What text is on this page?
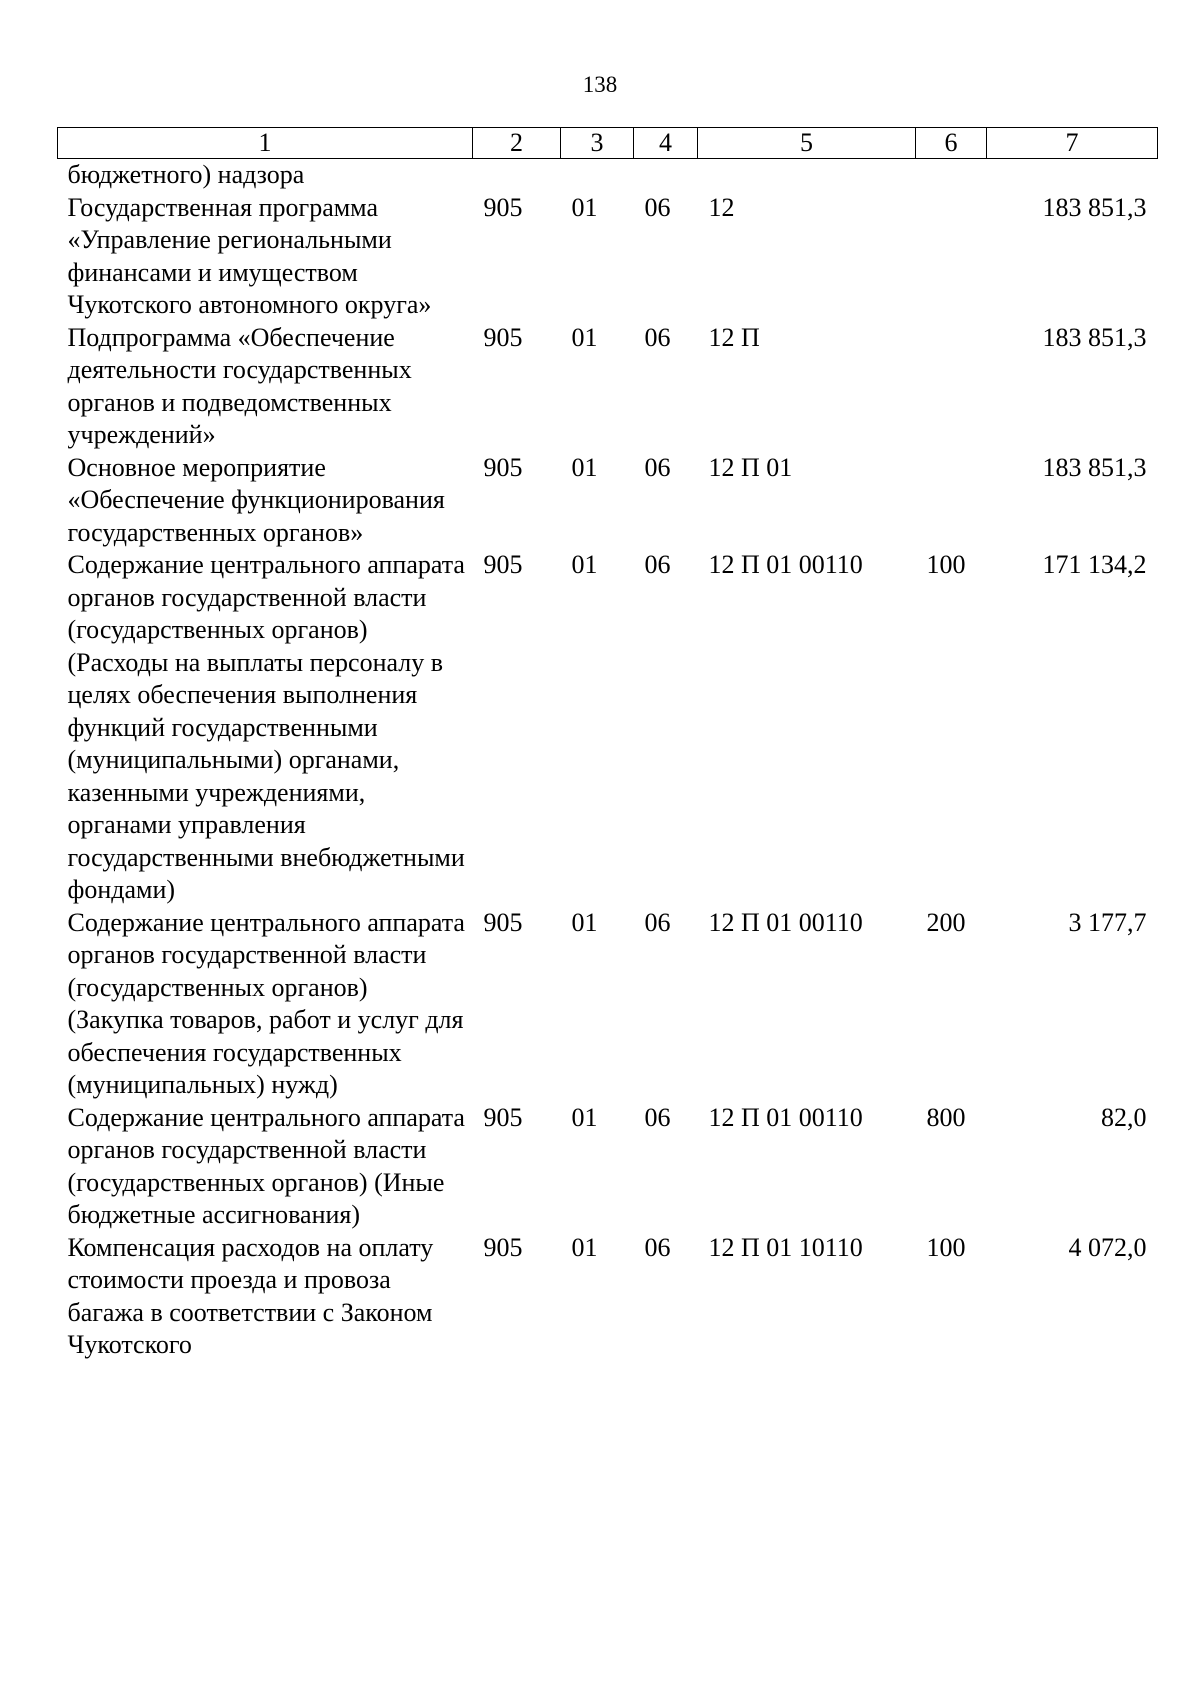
138
1	2	3	4	5	6	7
бюджетного) надзора						
Государственная программа «Управление региональными финансами и имуществом Чукотского автономного округа»	905	01	06	12		183 851,3
Подпрограмма «Обеспечение деятельности государственных органов и подведомственных учреждений»	905	01	06	12 П		183 851,3
Основное мероприятие «Обеспечение функционирования государственных органов»	905	01	06	12 П 01		183 851,3
Содержание центрального аппарата органов государственной власти (государственных органов) (Расходы на выплаты персоналу в целях обеспечения выполнения функций государственными (муниципальными) органами, казенными учреждениями, органами управления государственными внебюджетными фондами)	905	01	06	12 П 01 00110	100	171 134,2
Содержание центрального аппарата органов государственной власти (государственных органов) (Закупка товаров, работ и услуг для обеспечения государственных (муниципальных) нужд)	905	01	06	12 П 01 00110	200	3 177,7
Содержание центрального аппарата органов государственной власти (государственных органов) (Иные бюджетные ассигнования)	905	01	06	12 П 01 00110	800	82,0
Компенсация расходов на оплату стоимости проезда и провоза багажа в соответствии с Законом Чукотского	905	01	06	12 П 01 10110	100	4 072,0
